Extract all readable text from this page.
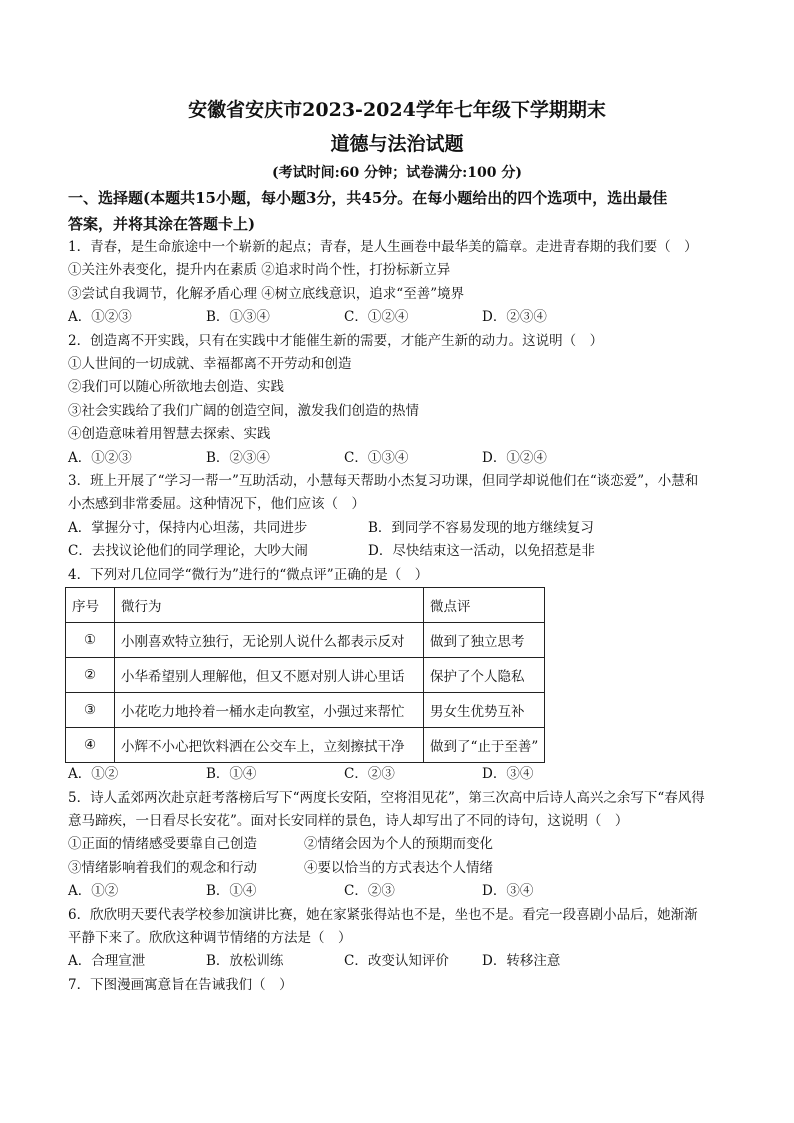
安徽省安庆市2023-2024学年七年级下学期期末
道德与法治试题
(考试时间:60 分钟；试卷满分:100 分)
一、选择题(本题共15小题，每小题3分，共45分。在每小题给出的四个选项中，选出最佳
答案，并将其涂在答题卡上)
1．青春，是生命旅途中一个崭新的起点；青春，是人生画卷中最华美的篇章。走进青春期的我们要（　）
①关注外表变化，提升内在素质 ②追求时尚个性，打扮标新立异
③尝试自我调节，化解矛盾心理 ④树立底线意识，追求“至善”境界
A．①②③	B．①③④	C．①②④	D．②③④
2．创造离不开实践，只有在实践中才能催生新的需要，才能产生新的动力。这说明（　）
①人世间的一切成就、幸福都离不开劳动和创造
②我们可以随心所欲地去创造、实践
③社会实践给了我们广阔的创造空间，激发我们创造的热情
④创造意味着用智慧去探索、实践
A．①②③	B．②③④	C．①③④	D．①②④
3．班上开展了“学习一帮一”互助活动，小慧每天帮助小杰复习功课，但同学却说他们在“谈恋爱”，小慧和
小杰感到非常委屈。这种情况下，他们应该（　）
A．掌握分寸，保持内心坦荡，共同进步	B．到同学不容易发现的地方继续复习
C．去找议论他们的同学理论，大吵大闹	D．尽快结束这一活动，以免招惹是非
4．下列对几位同学“微行为”进行的“微点评”正确的是（　）
序号	微行为	微点评
①	小刚喜欢特立独行，无论别人说什么都表示反对	做到了独立思考
②	小华希望别人理解他，但又不愿对别人讲心里话	保护了个人隐私
③	小花吃力地拎着一桶水走向教室，小强过来帮忙	男女生优势互补
④	小辉不小心把饮料洒在公交车上，立刻擦拭干净	做到了“止于至善”
A．①②	B．①④	C．②③	D．③④
5．诗人孟郊两次赴京赶考落榜后写下“两度长安陌，空将泪见花”，第三次高中后诗人高兴之余写下“春风得
意马蹄疾，一日看尽长安花”。面对长安同样的景色，诗人却写出了不同的诗句，这说明（　）
①正面的情绪感受要靠自己创造	②情绪会因为个人的预期而变化
③情绪影响着我们的观念和行动	④要以恰当的方式表达个人情绪
A．①②	B．①④	C．②③	D．③④
6．欣欣明天要代表学校参加演讲比赛，她在家紧张得站也不是，坐也不是。看完一段喜剧小品后，她渐渐
平静下来了。欣欣这种调节情绪的方法是（　）
A．合理宣泄	B．放松训练	C．改变认知评价	D．转移注意
7．下图漫画寓意旨在告诫我们（　）
